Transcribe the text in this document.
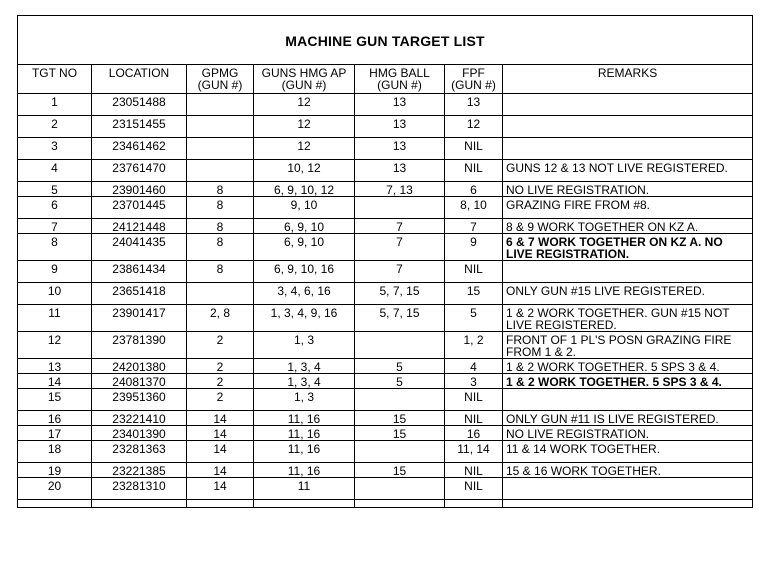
MACHINE GUN TARGET LIST						
TGT NO	LOCATION	GPMG (GUN #)	GUNS HMG AP (GUN #)	HMG BALL (GUN #)	FPF (GUN #)	REMARKS
1	23051488		12	13	13	
2	23151455		12	13	12	
3	23461462		12	13	NIL	
4	23761470		10, 12	13	NIL	GUNS 12 & 13 NOT LIVE REGISTERED.
5	23901460	8	6, 9, 10, 12	7, 13	6	NO LIVE REGISTRATION.
6	23701445	8	9, 10		8, 10	GRAZING FIRE FROM #8.
7	24121448	8	6, 9, 10	7	7	8 & 9 WORK TOGETHER ON KZ A.
8	24041435	8	6, 9, 10	7	9	6 & 7 WORK TOGETHER ON KZ A. NO LIVE REGISTRATION.
9	23861434	8	6, 9, 10, 16	7	NIL	
10	23651418		3, 4, 6, 16	5, 7, 15	15	ONLY GUN #15 LIVE REGISTERED.
11	23901417	2, 8	1, 3, 4, 9, 16	5, 7, 15	5	1 & 2 WORK TOGETHER. GUN #15 NOT LIVE REGISTERED.
12	23781390	2	1, 3		1, 2	FRONT OF 1 PL'S POSN GRAZING FIRE FROM 1 & 2.
13	24201380	2	1, 3, 4	5	4	1 & 2 WORK TOGETHER. 5 SPS 3 & 4.
14	24081370	2	1, 3, 4	5	3	1 & 2 WORK TOGETHER. 5 SPS 3 & 4.
15	23951360	2	1, 3		NIL	
16	23221410	14	11, 16	15	NIL	ONLY GUN #11 IS LIVE REGISTERED.
17	23401390	14	11, 16	15	16	NO LIVE REGISTRATION.
18	23281363	14	11, 16		11, 14	11 & 14 WORK TOGETHER.
19	23221385	14	11, 16	15	NIL	15 & 16 WORK TOGETHER.
20	23281310	14	11		NIL	
